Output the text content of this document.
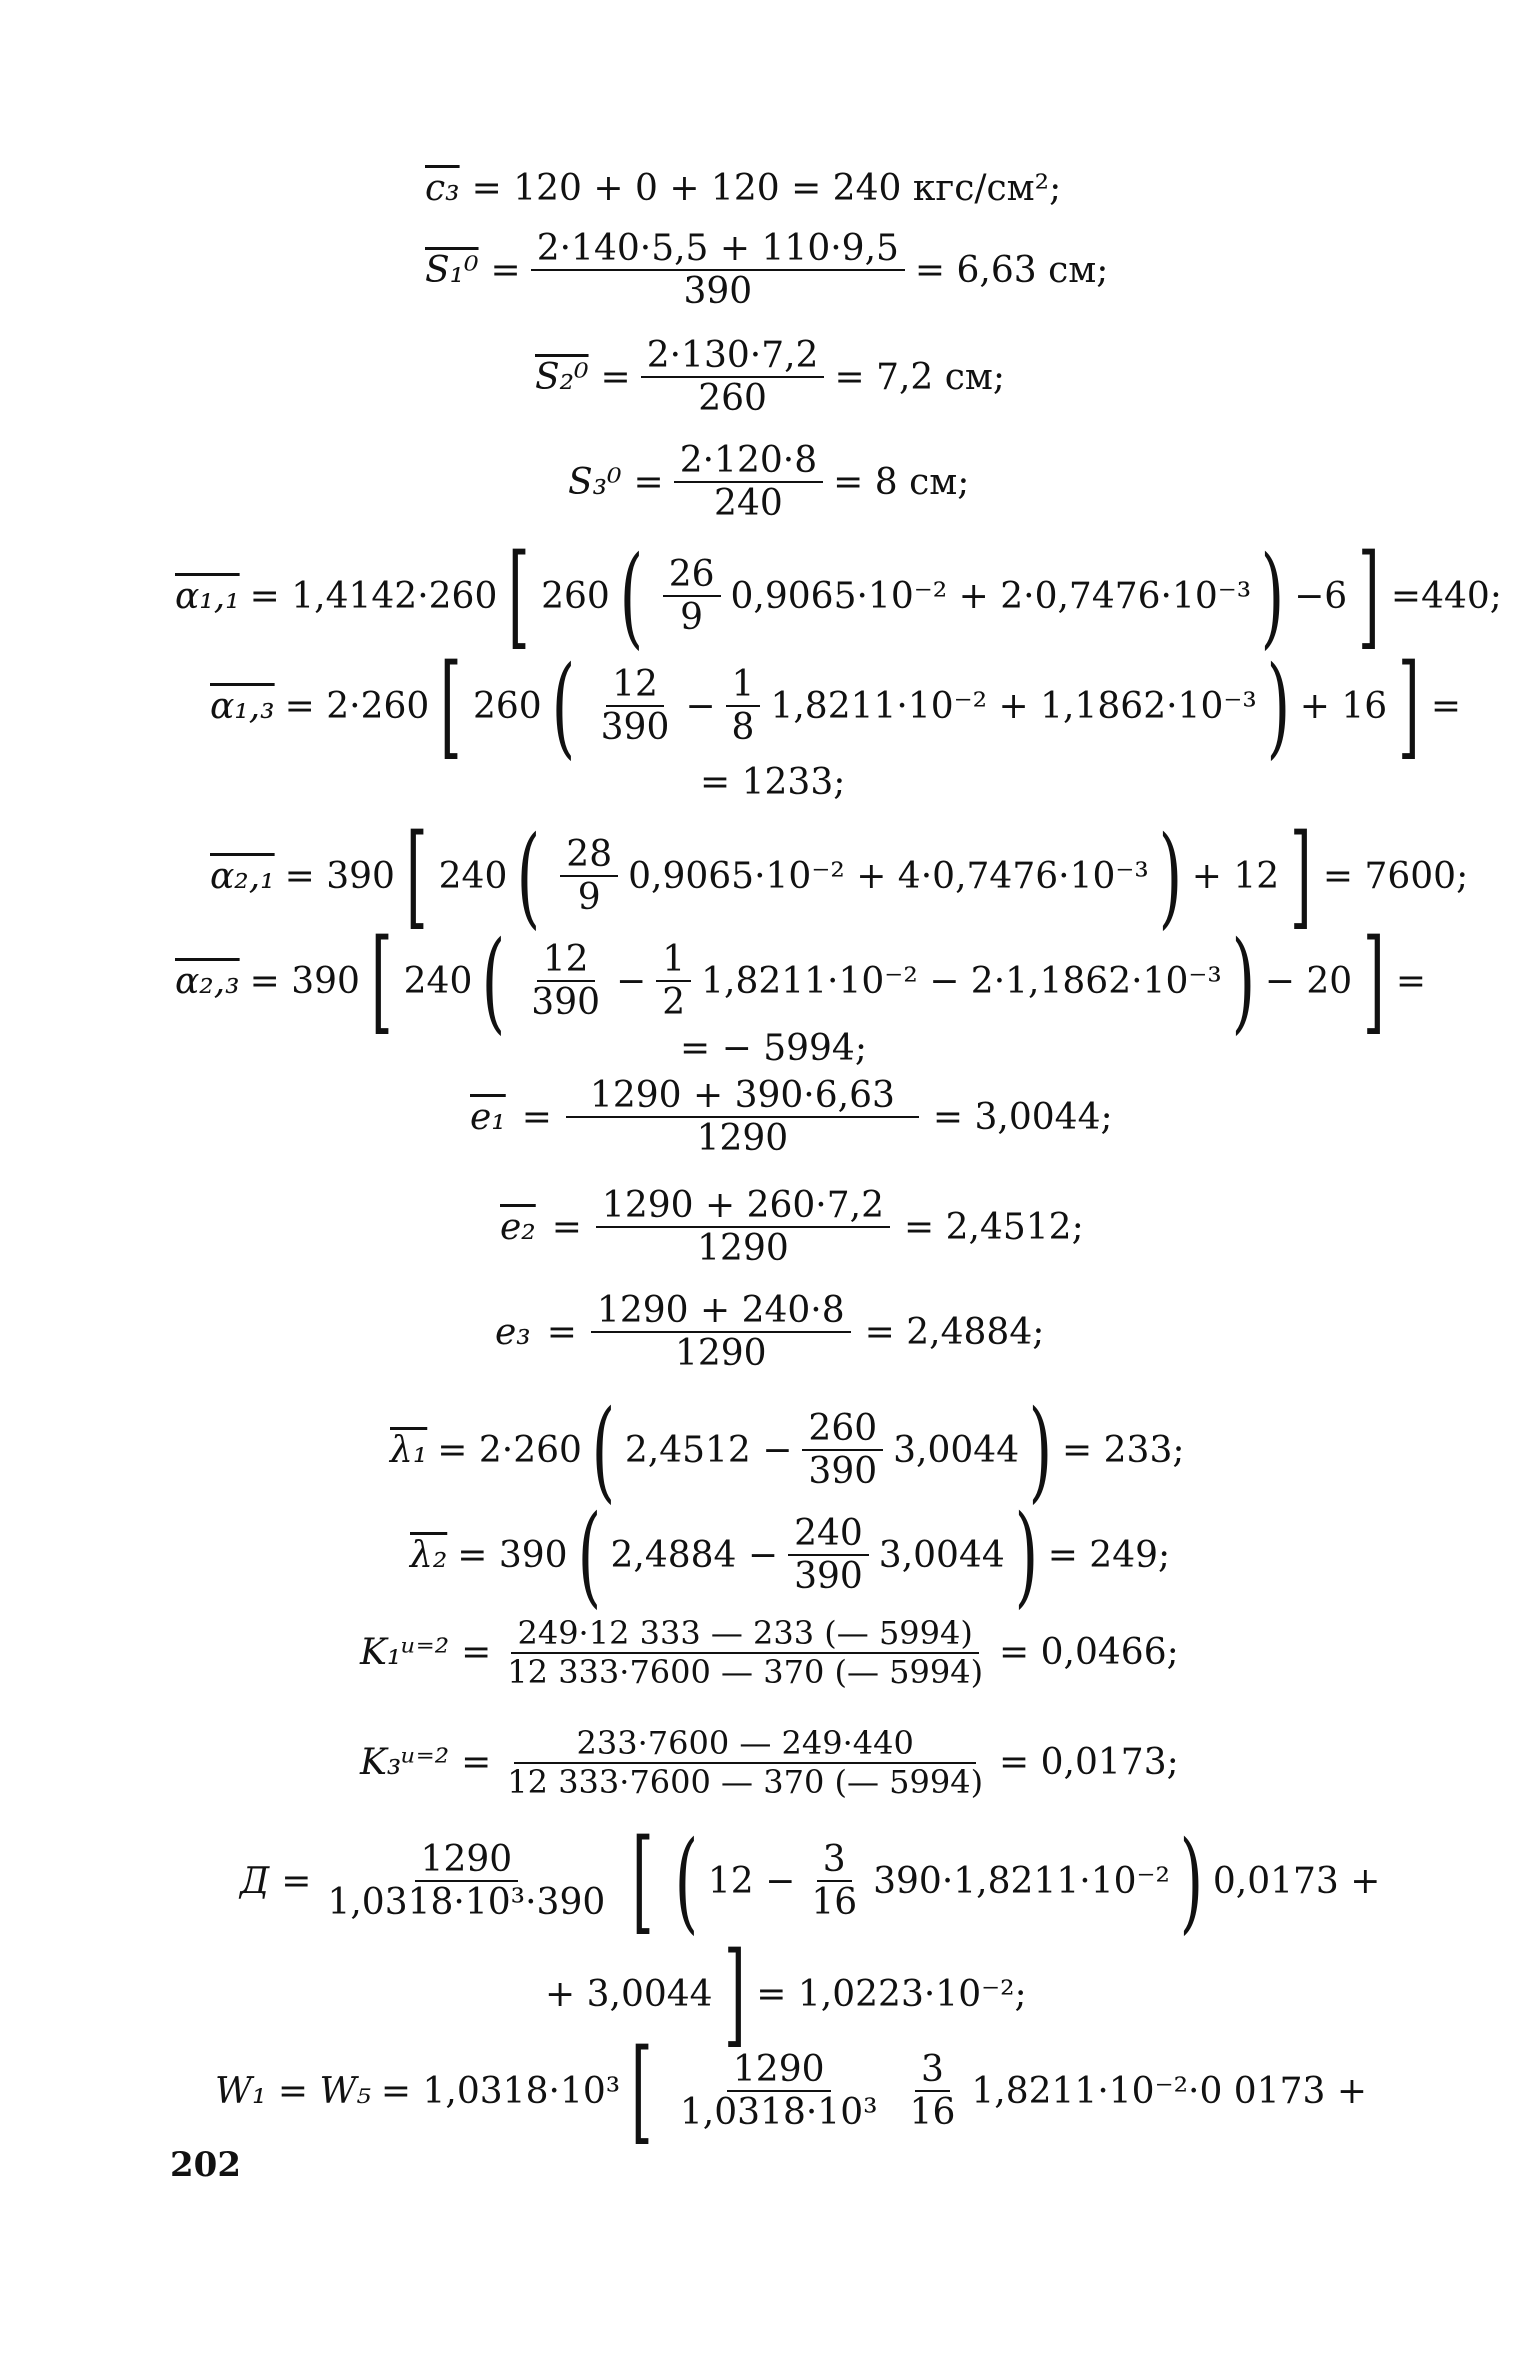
c₃ = 120 + 0 + 120 = 240 кгс/см²;
$S_1^0 = \frac{2\cdot 140\cdot 5,5 + 110\cdot 9,5}{390} = 6,63$ см;
$S_2^0 = \frac{2\cdot 130\cdot 7,2}{260} = 7,2$ см;
$S_3^0 = \frac{2\cdot 120\cdot 8}{240} = 8$ см;
α₁,₁ = 1,4142·260 [ 260 ( $\frac{26}{9} 0,9065\cdot 10^{-2} + 2\cdot 0,7476\cdot 10^{-3}$ ) −6 ] =440;
α₁,₃ = 2·260 [ 260 ( $\frac{12}{390} - \frac{1}{8} 1,8211\cdot 10^{-2} + 1,1862\cdot 10^{-3}$ ) + 16 ] =
= 1233;
α₂,₁ = 390 [ 240 ( $\frac{28}{9} 0,9065\cdot 10^{-2} + 4\cdot 0,7476\cdot 10^{-3}$ ) + 12 ] = 7600;
α₂,₃ = 390 [ 240 ( $\frac{12}{390} - \frac{1}{2} 1,8211\cdot 10^{-2} - 2\cdot 1,1862\cdot 10^{-3}$ ) − 20 ] =
= − 5994;
$e_1 = \frac{1290 + 390\cdot 6,63}{1290} = 3,0044$;
$e_2 = \frac{1290 + 260\cdot 7,2}{1290} = 2,4512$;
$e_3 = \frac{1290 + 240\cdot 8}{1290} = 2,4884$;
λ₁ = 2·260 ( $2,4512 - \frac{260}{390} 3,0044$ ) = 233;
λ₂ = 390 ( $2,4884 - \frac{240}{390} 3,0044$ ) = 249;
K₁ᵘ⁼² = $\frac{249\cdot 12 333 — 233 (— 5994)}{12 333\cdot 7600 — 370 (— 5994)} = 0,0466$;
K₃ᵘ⁼² = $\frac{233\cdot 7600 — 249\cdot 440}{12 333\cdot 7600 — 370 (— 5994)} = 0,0173$;
$Д = \frac{1290}{\text{1,0318·10³·390}}$ [ ( $12 - \frac{3}{16} 390\cdot 1,8211\cdot 10^{-2}$ ) 0,0173 +
+ 3,0044 ] = 1,0223·10⁻²;
W₁ = W₅ = 1,0318·10³ [ $\frac{1290}{\text{1,0318·10³}} \frac{3}{16} 1,8211\cdot 10^{-2}\cdot 0$ 0173 +
202
